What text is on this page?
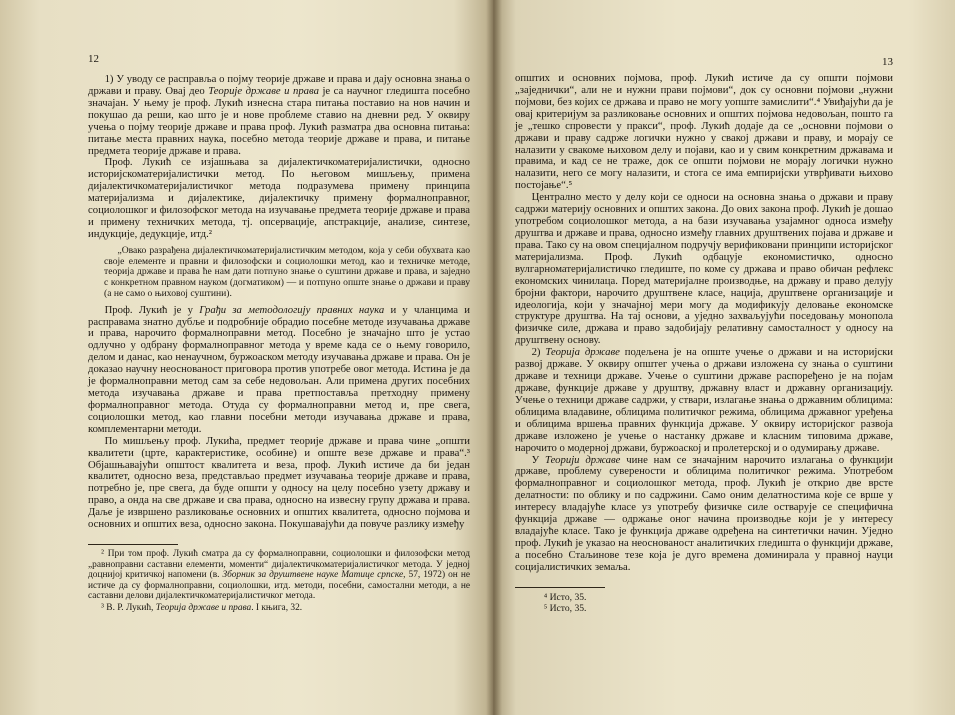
12

1) У уводу се расправља о појму теорије државе и права и дају основна знања о држави и праву. Овај део Теорије државе и права је са научног гледишта посебно значајан. У њему је проф. Лукић изнесна стара питања поставио на нов начин и покушао да реши, као што је и нове проблеме ставио на дневни ред. У оквиру учења о појму теорије државе и права проф. Лукић разматра два основна питања: питање места правних наука, посебно метода теорије државе и права, и питање предмета теорије државе и права.

Проф. Лукић се изјашњава за дијалектичкоматеријалистички, односно историјскоматеријалистички метод. По његовом мишљењу, примена дијалектичкоматеријалистичког метода подразумева примену принципа материјализма и дијалектике, дијалектичку примену формалноправног, социолошког и филозофског метода на изучавање предмета теорије државе и права и примену техничких метода, тј. опсервације, апстракције, анализе, синтезе, индукције, дедукције, итд.²

„Овако разрађена дијалектичкоматеријалистичким методом, која у себи обухвата као своје елементе и правни и филозофски и социолошки метод, као и техничке методе, теорија државе и права ће нам дати потпуно знање о суштини државе и права, и заједно с конкретном правном науком (догматиком) — и потпуно опште знање о држави и праву (а не само о њиховој суштини).

Проф. Лукић је у Грађи за методологију правних наука и у чланцима и расправама знатно дубље и подробније обрадио посебне методе изучавања државе и права, нарочито формалноправни метод. Посебно је значајно што је устао одлучно у одбрану формалноправног метода у време када се о њему говорило, делом и данас, као ненаучном, буржоаском методу изучавања државе и права. Он је доказао научну неоснованост приговора против употребе овог метода. Истина је да је формалноправни метод сам за себе недовољан. Али примена других посебних метода изучавања државе и права претпоставља претходну примену формалноправног метода. Отуда су формалноправни метод и, пре свега, социолошки метод, као главни посебни методи изучавања државе и права, комплементарни методи.

По мишљењу проф. Лукића, предмет теорије државе и права чине „општи квалитети (црте, карактеристике, особине) и опште везе државе и права“.³ Објашњавајући општост квалитета и веза, проф. Лукић истиче да би један квалитет, односно веза, представљао предмет изучавања теорије државе и права, потребно је, пре свега, да буде општи у односу на целу посебно узету државу и право, а онда на све државе и сва права, односно на извесну групу држава и права. Даље је извршено разликовање основних и општих квалитета, односно појмова и основних и општих веза, односно закона. Покушавајући да повуче разлику између

² При том проф. Лукић сматра да су формалноправни, социолошки и филозофски метод „равноправни саставни елементи, моменти“ дијалектичкоматеријалистичког метода. У једној доцнијој критичкој напомени (в. Зборник за друштвене науке Матице српске, 57, 1972) он не истиче да су формалноправни, социолошки, итд. методи, посебни, самостални методи, а не саставни делови дијалектичкоматеријалистичког метода.

³ В. Р. Лукић, Теорија државе и права. I књига, 32.

13

општих и основних појмова, проф. Лукић истиче да су општи појмови „заједнички“, али не и нужни прави појмови“, док су основни појмови „нужни појмови, без којих се држава и право не могу уопште замислити“.⁴ Увиђајући да је овај критеријум за разликовање основних и општих појмова недовољан, пошто га је „тешко спровести у пракси“, проф. Лукић додаје да се „основни појмови о држави и праву садрже логички нужно у свакој држави и праву, и морају се налазити у свакоме њиховом делу и појави, као и у свим конкретним државама и правима, и кад се не траже, док се општи појмови не морају логички нужно налазити, него се могу налазити, и стога се има емпиријски утврђивати њихово постојање“.⁵

Централно место у делу који се односи на основна знања о држави и праву садржи материју основних и општих закона. До ових закона проф. Лукић је дошао употребом социолошког метода, а на бази изучавања узајамног односа између друштва и државе и права, односно између главних друштвених појава и државе и права. Тако су на овом специјалном подручју верификовани принципи историјског материјализма. Проф. Лукић одбацује економистичко, односно вулгарноматеријалистичко гледиште, по коме су држава и право обичан рефлекс економских чинилаца. Поред материјалне производње, на државу и право делују бројни фактори, нарочито друштвене класе, нација, друштвене организације и идеологија, који у значајној мери могу да модификују деловање економске структуре друштва. На тај основи, а уједно захваљујући поседовању монопола физичке силе, држава и право задобијају релативну самосталност у односу на друштвену основу.

2) Теорија државе подељена је на опште учење о држави и на историјски развој државе. У оквиру општег учења о држави изложена су знања о суштини државе и техници државе. Учење о суштини државе распоређено је на појам државе, функције државе у друштву, државну власт и државну организацију. Учење о техници државе садржи, у ствари, излагање знања о државним облицима: облицима владавине, облицима политичког режима, облицима државног уређења и облицима вршења правних функција државе. У оквиру историјског развоја државе изложено је учење о настанку државе и класним типовима државе, нарочито о модерној држави, буржоаској и пролетерској и о одумирању државе.

У Теорији државе чине нам се значајним нарочито излагања о функцији државе, проблему суверености и облицима политичког режима. Употребом формалноправног и социолошког метода, проф. Лукић је открио две врсте делатности: по облику и по садржини. Само оним делатностима које се врше у интересу владајуће класе уз употребу физичке силе остварује се специфична функција државе — одржање оног начина производње који је у интересу владајуће класе. Тако је функција државе одређена на синтетички начин. Уједно проф. Лукић је указао на неоснованост аналитичких гледишта о функцији државе, а посебно Стаљинове тезе која је дуго времена доминирала у правној науци социјалистичких земаља.

⁴ Исто, 35.

⁵ Исто, 35.
